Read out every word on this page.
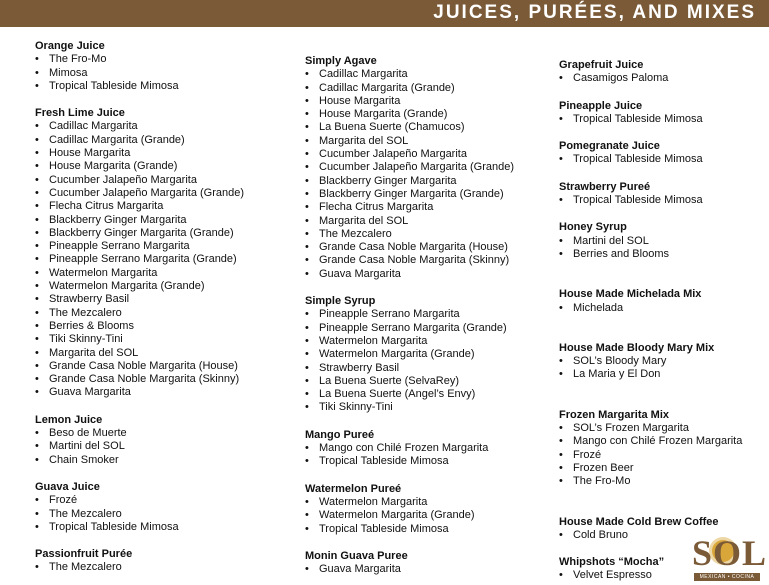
JUICES, PURÉES, AND MIXES
Orange Juice
• The Fro-Mo
• Mimosa
• Tropical Tableside Mimosa
Fresh Lime Juice
• Cadillac Margarita
• Cadillac Margarita (Grande)
• House Margarita
• House Margarita (Grande)
• Cucumber Jalapeño Margarita
• Cucumber Jalapeño Margarita (Grande)
• Flecha Citrus Margarita
• Blackberry Ginger Margarita
• Blackberry Ginger Margarita (Grande)
• Pineapple Serrano Margarita
• Pineapple Serrano Margarita (Grande)
• Watermelon Margarita
• Watermelon Margarita (Grande)
• Strawberry Basil
• The Mezcalero
• Berries & Blooms
• Tiki Skinny-Tini
• Margarita del SOL
• Grande Casa Noble Margarita (House)
• Grande Casa Noble Margarita (Skinny)
• Guava Margarita
Lemon Juice
• Beso de Muerte
• Martini del SOL
• Chain Smoker
Guava Juice
• Frozé
• The Mezcalero
• Tropical Tableside Mimosa
Passionfruit Purée
• The Mezcalero
Simply Agave
• Cadillac Margarita
• Cadillac Margarita (Grande)
• House Margarita
• House Margarita (Grande)
• La Buena Suerte (Chamucos)
• Margarita del SOL
• Cucumber Jalapeño Margarita
• Cucumber Jalapeño Margarita (Grande)
• Blackberry Ginger Margarita
• Blackberry Ginger Margarita (Grande)
• Flecha Citrus Margarita
• Margarita del SOL
• The Mezcalero
• Grande Casa Noble Margarita (House)
• Grande Casa Noble Margarita (Skinny)
• Guava Margarita
Simple Syrup
• Pineapple Serrano Margarita
• Pineapple Serrano Margarita (Grande)
• Watermelon Margarita
• Watermelon Margarita (Grande)
• Strawberry Basil
• La Buena Suerte (SelvaRey)
• La Buena Suerte (Angel’s Envy)
• Tiki Skinny-Tini
Mango Pureé
• Mango con Chilé Frozen Margarita
• Tropical Tableside Mimosa
Watermelon Pureé
• Watermelon Margarita
• Watermelon Margarita (Grande)
• Tropical Tableside Mimosa
Monin Guava Puree
• Guava Margarita
Grapefruit Juice
• Casamigos Paloma
Pineapple Juice
• Tropical Tableside Mimosa
Pomegranate Juice
• Tropical Tableside Mimosa
Strawberry Pureé
• Tropical Tableside Mimosa
Honey Syrup
• Martini del SOL
• Berries and Blooms
House Made Michelada Mix
• Michelada
House Made Bloody Mary Mix
• SOL’s Bloody Mary
• La Maria y El Don
Frozen Margarita Mix
• SOL’s Frozen Margarita
• Mango con Chilé Frozen Margarita
• Frozé
• Frozen Beer
• The Fro-Mo
House Made Cold Brew Coffee
• Cold Bruno
Whipshots “Mocha”
• Velvet Espresso
SOL
MEXICAN • COCINA
